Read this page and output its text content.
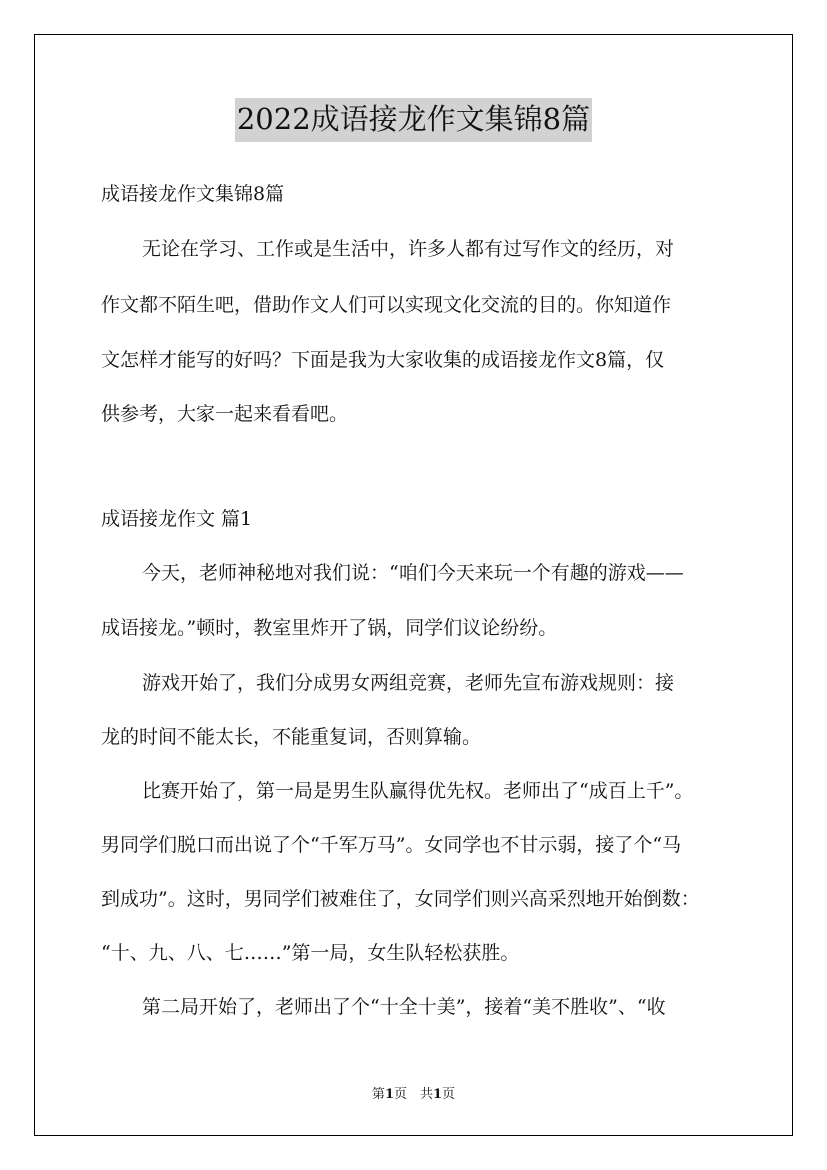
2022成语接龙作文集锦8篇
成语接龙作文集锦8篇
无论在学习、工作或是生活中，许多人都有过写作文的经历，对
作文都不陌生吧，借助作文人们可以实现文化交流的目的。你知道作
文怎样才能写的好吗？下面是我为大家收集的成语接龙作文8篇，仅
供参考，大家一起来看看吧。
成语接龙作文 篇1
今天，老师神秘地对我们说：“咱们今天来玩一个有趣的游戏——
成语接龙。”顿时，教室里炸开了锅，同学们议论纷纷。
游戏开始了，我们分成男女两组竞赛，老师先宣布游戏规则：接
龙的时间不能太长，不能重复词，否则算输。
比赛开始了，第一局是男生队赢得优先权。老师出了“成百上千”。
男同学们脱口而出说了个“千军万马”。女同学也不甘示弱，接了个“马
到成功”。这时，男同学们被难住了，女同学们则兴高采烈地开始倒数：
“十、九、八、七……”第一局，女生队轻松获胜。
第二局开始了，老师出了个“十全十美”，接着“美不胜收”、“收
第1页　共1页
